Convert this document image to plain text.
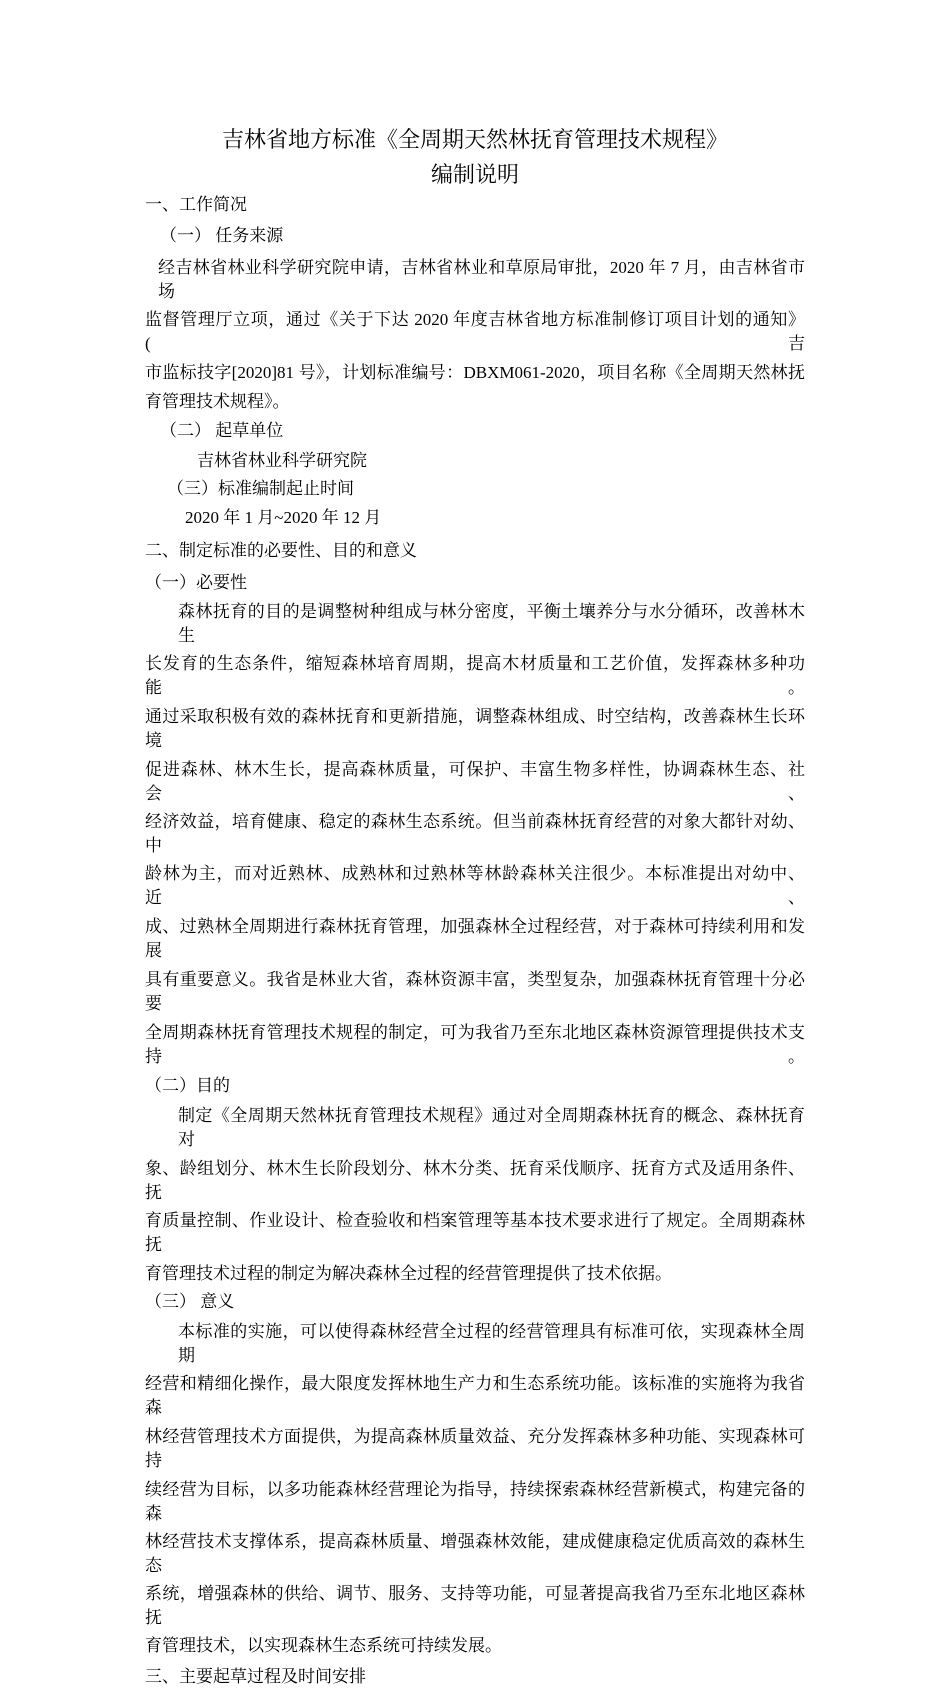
吉林省地方标准《全周期天然林抚育管理技术规程》
编制说明
一、工作简况
（一） 任务来源
经吉林省林业科学研究院申请，吉林省林业和草原局审批，2020 年 7 月，由吉林省市场
监督管理厅立项，通过《关于下达 2020 年度吉林省地方标准制修订项目计划的通知》(吉
市监标技字[2020]81 号》，计划标准编号：DBXM061-2020，项目名称《全周期天然林抚
育管理技术规程》。
（二） 起草单位
吉林省林业科学研究院
（三）标准编制起止时间
2020 年 1 月~2020 年 12 月
二、制定标准的必要性、目的和意义
（一）必要性
森林抚育的目的是调整树种组成与林分密度，平衡土壤养分与水分循环，改善林木生
长发育的生态条件，缩短森林培育周期，提高木材质量和工艺价值，发挥森林多种功能。
通过采取积极有效的森林抚育和更新措施，调整森林组成、时空结构，改善森林生长环境
促进森林、林木生长，提高森林质量，可保护、丰富生物多样性，协调森林生态、社会、
经济效益，培育健康、稳定的森林生态系统。但当前森林抚育经营的对象大都针对幼、中
龄林为主，而对近熟林、成熟林和过熟林等林龄森林关注很少。本标准提出对幼中、近、
成、过熟林全周期进行森林抚育管理，加强森林全过程经营，对于森林可持续利用和发展
具有重要意义。我省是林业大省，森林资源丰富，类型复杂，加强森林抚育管理十分必要
全周期森林抚育管理技术规程的制定，可为我省乃至东北地区森林资源管理提供技术支持。
（二）目的
制定《全周期天然林抚育管理技术规程》通过对全周期森林抚育的概念、森林抚育对
象、龄组划分、林木生长阶段划分、林木分类、抚育采伐顺序、抚育方式及适用条件、抚
育质量控制、作业设计、检查验收和档案管理等基本技术要求进行了规定。全周期森林抚
育管理技术过程的制定为解决森林全过程的经营管理提供了技术依据。
（三） 意义
本标准的实施，可以使得森林经营全过程的经营管理具有标准可依，实现森林全周期
经营和精细化操作，最大限度发挥林地生产力和生态系统功能。该标准的实施将为我省森
林经营管理技术方面提供，为提高森林质量效益、充分发挥森林多种功能、实现森林可持
续经营为目标，以多功能森林经营理论为指导，持续探索森林经营新模式，构建完备的森
林经营技术支撑体系，提高森林质量、增强森林效能，建成健康稳定优质高效的森林生态
系统，增强森林的供给、调节、服务、支持等功能，可显著提高我省乃至东北地区森林抚
育管理技术，以实现森林生态系统可持续发展。
三、主要起草过程及时间安排
